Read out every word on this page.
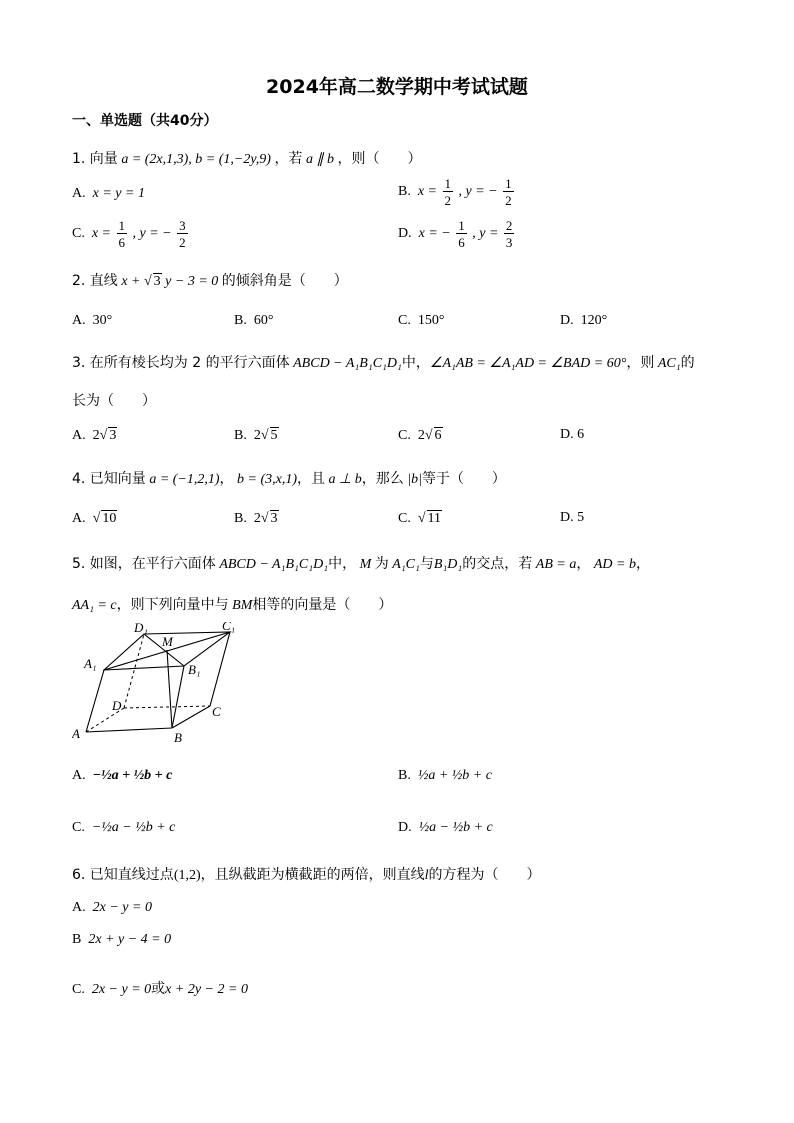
2024年高二数学期中考试试题
一、单选题（共40分）
1. 向量 a = (2x,1,3), b = (1,−2y,9) ，若 a ∥ b ，则（　　）
A. x = y = 1	B. $x = \frac{1}{2}$ , y = − $\frac{1}{2}$
C. $x = \frac{1}{6}$ , y = − $\frac{3}{2}$	D. x = − $\frac{1}{6}$ , $y = \frac{2}{3}$
2. 直线 x + √ 3 y − 3 = 0 的倾斜角是（　　）
A. 30°	B. 60°	C. 150°	D. 120°
3. 在所有棱长均为 2 的平行六面体 ABCD − A₁B₁C₁D₁中，∠A₁AB = ∠A₁AD = ∠BAD = 60°，则 AC₁的
长为（　　）
A. 2√ 3	B. 2√ 5	C. 2√ 6	D. 6
4. 已知向量 a = (−1,2,1)， b = (3,x,1)，且 a ⊥ b，那么 |b|等于（　　）
A.  √ 10	B. 2√ 3	C.  √ 11	D. 5
5. 如图，在平行六面体 ABCD − A₁B₁C₁D₁中， M 为 A₁C₁与B₁D₁的交点，若 AB = a， AD = b，
AA₁ = c，则下列向量中与 BM相等的向量是（　　）
D₁	C₁
A₁
M
B₁
D	C
A	B
A. −½a + ½b + c	B. ½a + ½b + c
C. −½a − ½b + c	D. ½a − ½b + c
6. 已知直线过点(1,2)，且纵截距为横截距的两倍，则直线l的方程为（　　）
A. 2x − y = 0
B 2x + y − 4 = 0
C. 2x − y = 0或x + 2y − 2 = 0
